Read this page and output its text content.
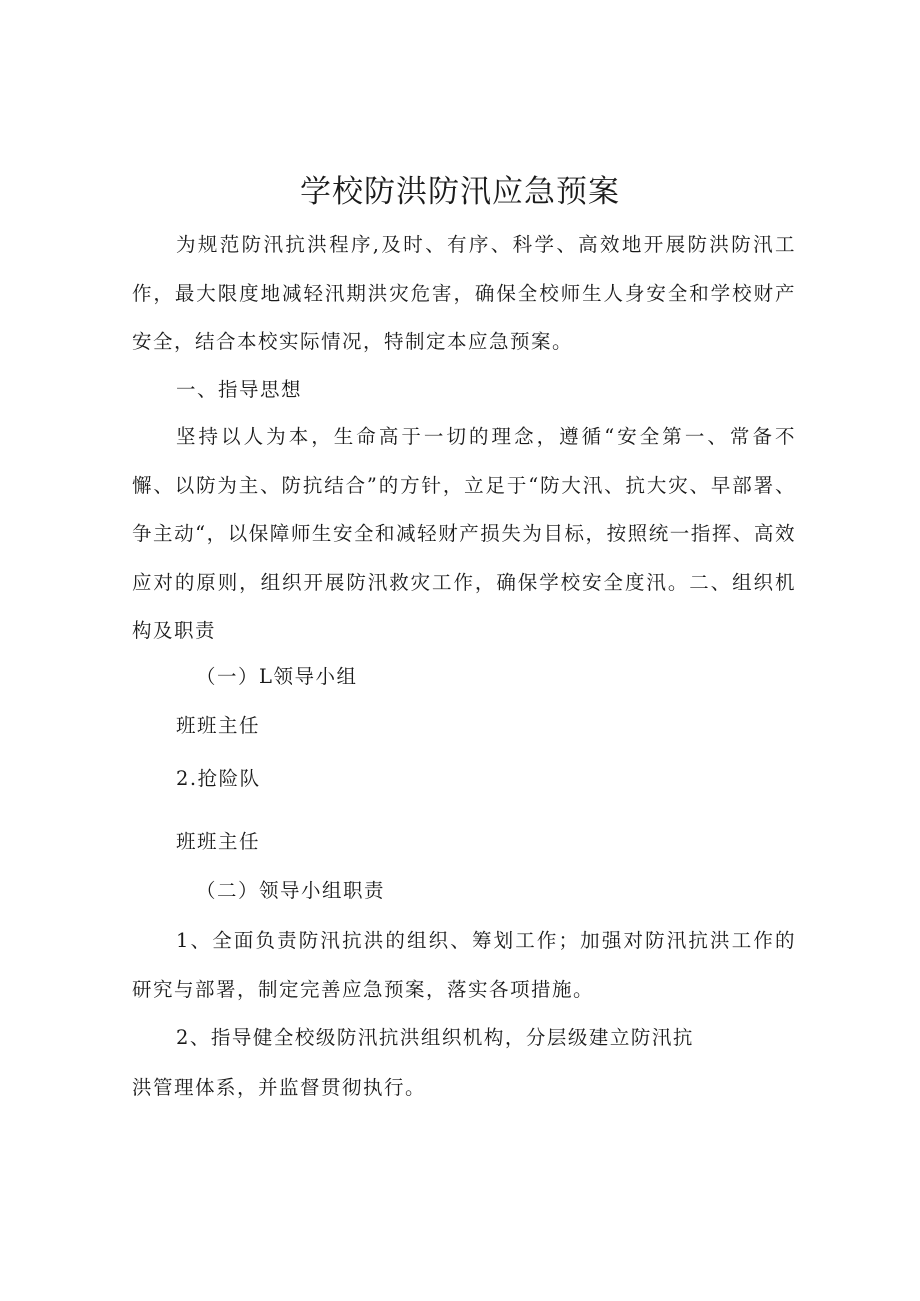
学校防洪防汛应急预案

为规范防汛抗洪程序,及时、有序、科学、高效地开展防洪防汛工作，最大限度地减轻汛期洪灾危害，确保全校师生人身安全和学校财产安全，结合本校实际情况，特制定本应急预案。

一、指导思想

坚持以人为本，生命高于一切的理念，遵循“安全第一、常备不懈、以防为主、防抗结合”的方针，立足于“防大汛、抗大灾、早部署、争主动“，以保障师生安全和减轻财产损失为目标，按照统一指挥、高效应对的原则，组织开展防汛救灾工作，确保学校安全度汛。二、组织机构及职责

（一）L领导小组

班班主任

2.抢险队

班班主任

（二）领导小组职责

1、全面负责防汛抗洪的组织、筹划工作；加强对防汛抗洪工作的研究与部署，制定完善应急预案，落实各项措施。

2、指导健全校级防汛抗洪组织机构，分层级建立防汛抗

洪管理体系，并监督贯彻执行。
